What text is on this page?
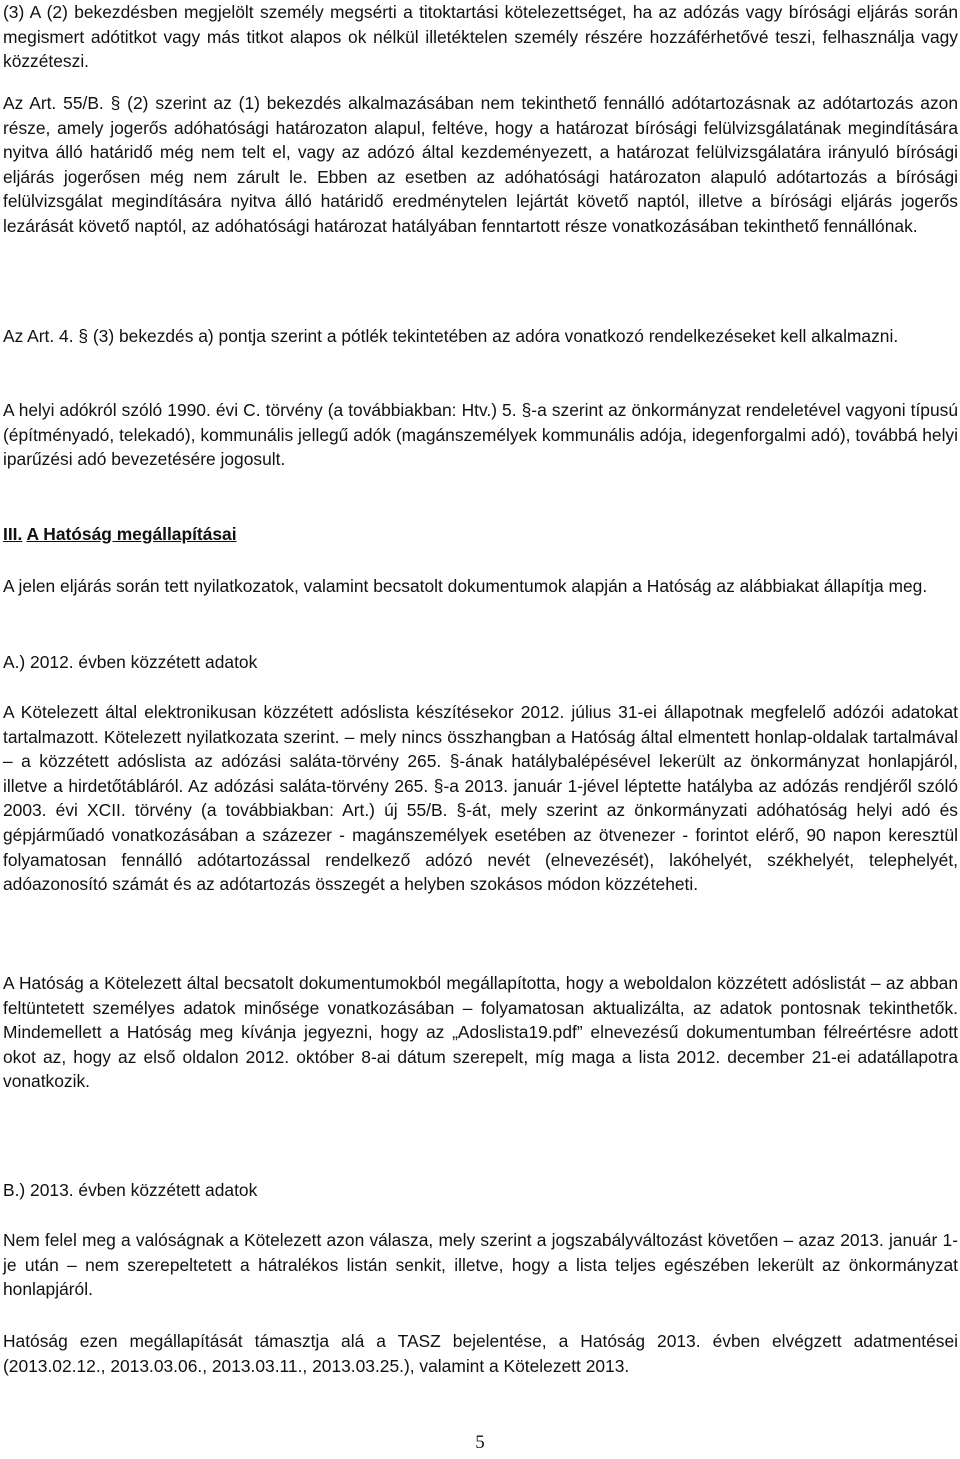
(3) A (2) bekezdésben megjelölt személy megsérti a titoktartási kötelezettséget, ha az adózás vagy bírósági eljárás során megismert adótitkot vagy más titkot alapos ok nélkül illetéktelen személy részére hozzáférhetővé teszi, felhasználja vagy közzéteszi.

Az Art. 55/B. § (2) szerint az (1) bekezdés alkalmazásában nem tekinthető fennálló adótartozásnak az adótartozás azon része, amely jogerős adóhatósági határozaton alapul, feltéve, hogy a határozat bírósági felülvizsgálatának megindítására nyitva álló határidő még nem telt el, vagy az adózó által kezdeményezett, a határozat felülvizsgálatára irányuló bírósági eljárás jogerősen még nem zárult le. Ebben az esetben az adóhatósági határozaton alapuló adótartozás a bírósági felülvizsgálat megindítására nyitva álló határidő eredménytelen lejártát követő naptól, illetve a bírósági eljárás jogerős lezárását követő naptól, az adóhatósági határozat hatályában fenntartott része vonatkozásában tekinthető fennállónak.

Az Art. 4. § (3) bekezdés a) pontja szerint a pótlék tekintetében az adóra vonatkozó rendelkezéseket kell alkalmazni.

A helyi adókról szóló 1990. évi C. törvény (a továbbiakban: Htv.) 5. §-a szerint az önkormányzat rendeletével vagyoni típusú (építményadó, telekadó), kommunális jellegű adók (magánszemélyek kommunális adója, idegenforgalmi adó), továbbá helyi iparűzési adó bevezetésére jogosult.

III. A Hatóság megállapításai

A jelen eljárás során tett nyilatkozatok, valamint becsatolt dokumentumok alapján a Hatóság az alábbiakat állapítja meg.

A.) 2012. évben közzétett adatok

A Kötelezett által elektronikusan közzétett adóslista készítésekor 2012. július 31-ei állapotnak megfelelő adózói adatokat tartalmazott. Kötelezett nyilatkozata szerint. – mely nincs összhangban a Hatóság által elmentett honlap-oldalak tartalmával – a közzétett adóslista az adózási saláta-törvény 265. §-ának hatálybalépésével lekerült az önkormányzat honlapjáról, illetve a hirdetőtábláról. Az adózási saláta-törvény 265. §-a 2013. január 1-jével léptette hatályba az adózás rendjéről szóló 2003. évi XCII. törvény (a továbbiakban: Art.) új 55/B. §-át, mely szerint az önkormányzati adóhatóság helyi adó és gépjárműadó vonatkozásában a százezer - magánszemélyek esetében az ötvenezer - forintot elérő, 90 napon keresztül folyamatosan fennálló adótartozással rendelkező adózó nevét (elnevezését), lakóhelyét, székhelyét, telephelyét, adóazonosító számát és az adótartozás összegét a helyben szokásos módon közzéteheti.

A Hatóság a Kötelezett által becsatolt dokumentumokból megállapította, hogy a weboldalon közzétett adóslistát – az abban feltüntetett személyes adatok minősége vonatkozásában – folyamatosan aktualizálta, az adatok pontosnak tekinthetők. Mindemellett a Hatóság meg kívánja jegyezni, hogy az „Adoslista19.pdf” elnevezésű dokumentumban félreértésre adott okot az, hogy az első oldalon 2012. október 8-ai dátum szerepelt, míg maga a lista 2012. december 21-ei adatállapotra vonatkozik.

B.) 2013. évben közzétett adatok

Nem felel meg a valóságnak a Kötelezett azon válasza, mely szerint a jogszabályváltozást követően – azaz 2013. január 1-je után – nem szerepeltetett a hátralékos listán senkit, illetve, hogy a lista teljes egészében lekerült az önkormányzat honlapjáról.

Hatóság ezen megállapítását támasztja alá a TASZ bejelentése, a Hatóság 2013. évben elvégzett adatmentései (2013.02.12., 2013.03.06., 2013.03.11., 2013.03.25.), valamint a Kötelezett 2013.

5
